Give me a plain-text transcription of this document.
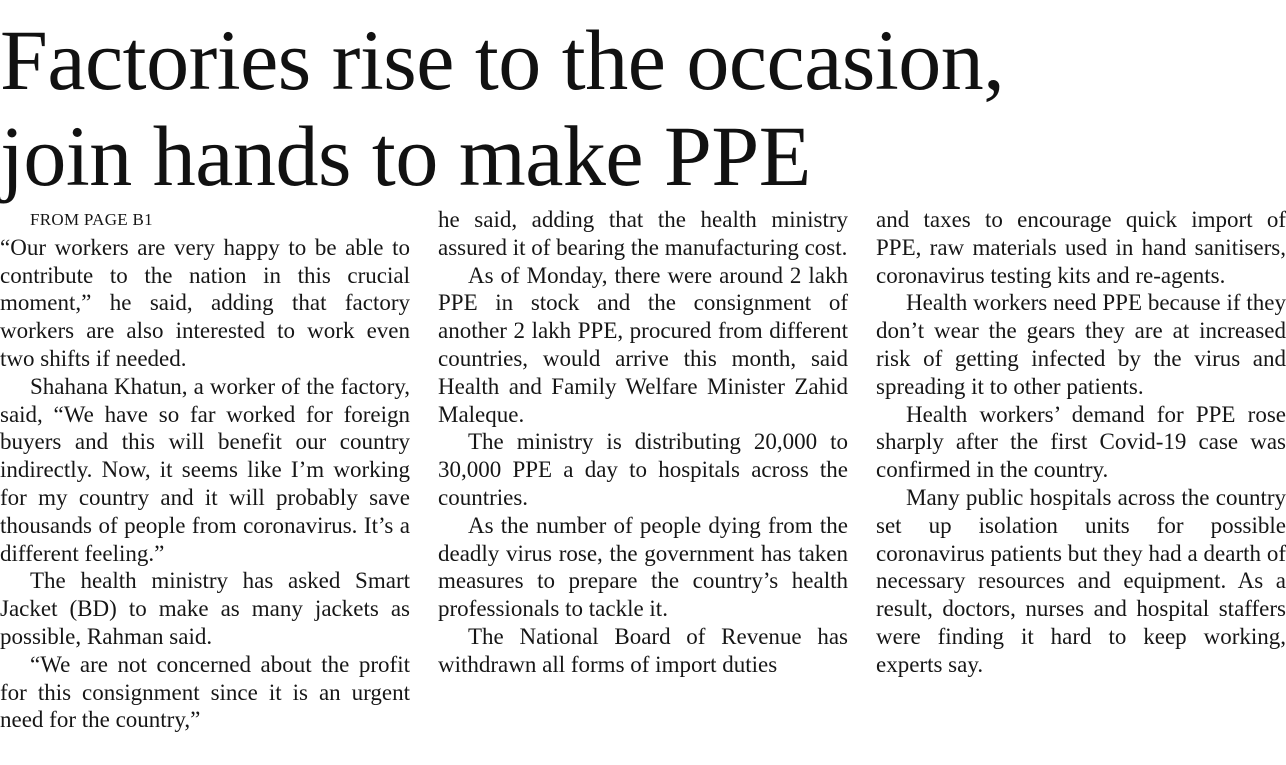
Factories rise to the occasion,
join hands to make PPE

FROM PAGE B1

“Our workers are very happy to be able to contribute to the nation in this crucial moment,” he said, adding that factory workers are also interested to work even two shifts if needed.

Shahana Khatun, a worker of the factory, said, “We have so far worked for foreign buyers and this will benefit our country indirectly. Now, it seems like I’m working for my country and it will probably save thousands of people from coronavirus. It’s a different feeling.”

The health ministry has asked Smart Jacket (BD) to make as many jackets as possible, Rahman said.

“We are not concerned about the profit for this consignment since it is an urgent need for the country,”

he said, adding that the health ministry assured it of bearing the manufacturing cost.

As of Monday, there were around 2 lakh PPE in stock and the consignment of another 2 lakh PPE, procured from different countries, would arrive this month, said Health and Family Welfare Minister Zahid Maleque.

The ministry is distributing 20,000 to 30,000 PPE a day to hospitals across the countries.

As the number of people dying from the deadly virus rose, the government has taken measures to prepare the country’s health professionals to tackle it.

The National Board of Revenue has withdrawn all forms of import duties

and taxes to encourage quick import of PPE, raw materials used in hand sanitisers, coronavirus testing kits and re-agents.

Health workers need PPE because if they don’t wear the gears they are at increased risk of getting infected by the virus and spreading it to other patients.

Health workers’ demand for PPE rose sharply after the first Covid-19 case was confirmed in the country.

Many public hospitals across the country set up isolation units for possible coronavirus patients but they had a dearth of necessary resources and equipment. As a result, doctors, nurses and hospital staffers were finding it hard to keep working, experts say.
